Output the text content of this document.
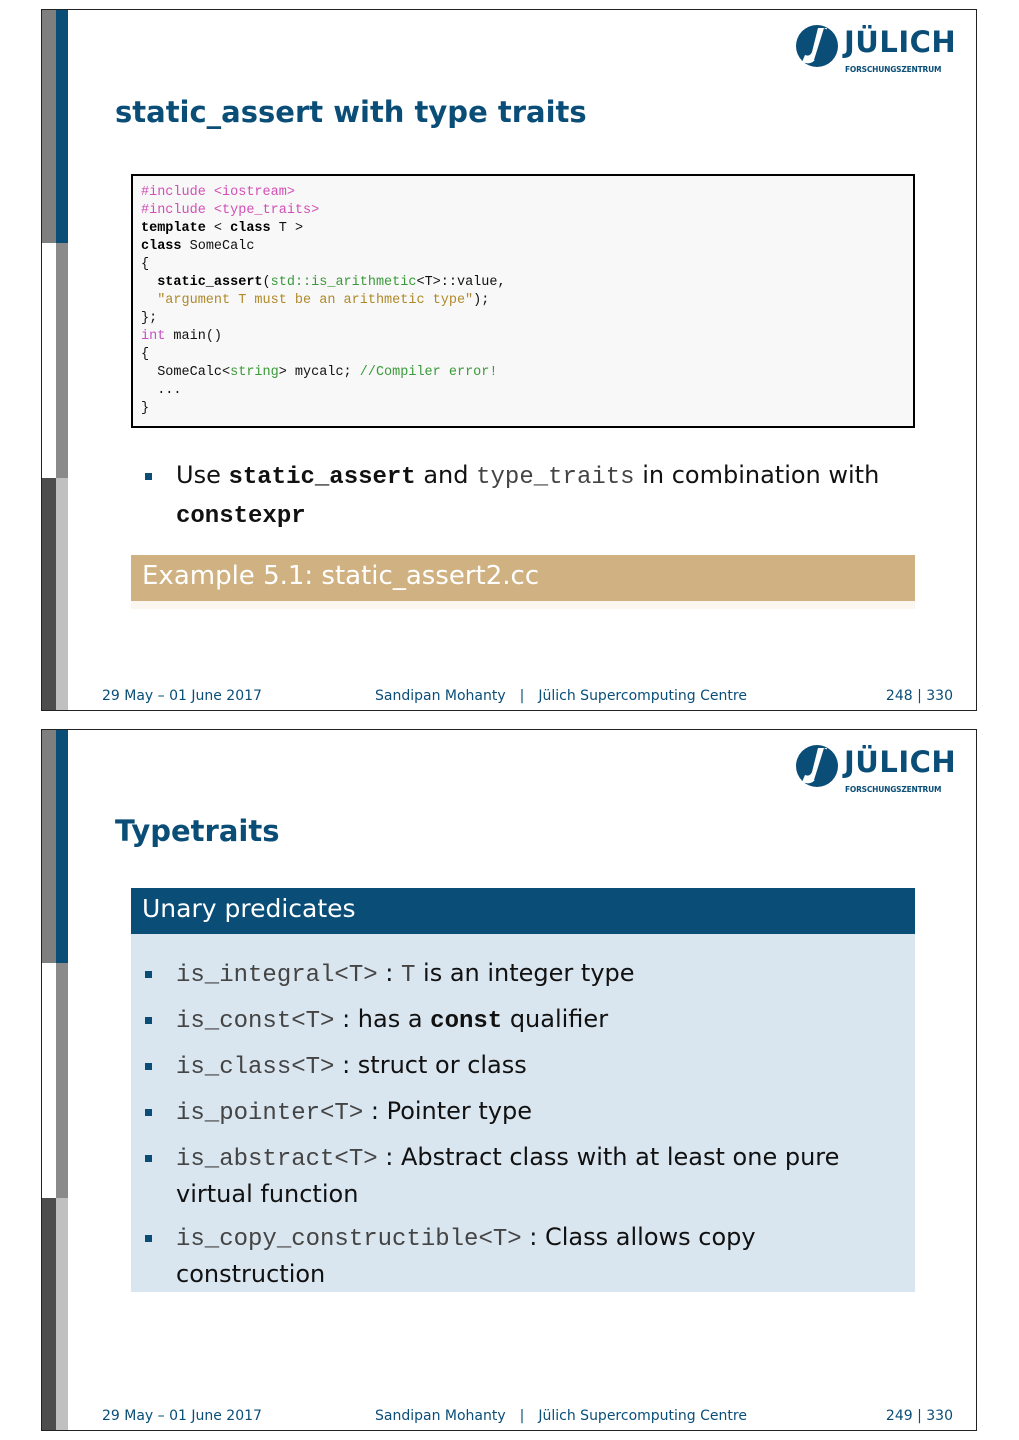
JÜLICH
FORSCHUNGSZENTRUM
static_assert with type traits
#include <iostream>
#include <type_traits>
template < class T >
class SomeCalc
{
static_assert(std::is_arithmetic<T>::value,
"argument T must be an arithmetic type");
};
int main()
{
SomeCalc<string> mycalc; //Compiler error!
...
}
Use static_assert and type_traits in combination with constexpr
Example 5.1: static_assert2.cc
29 May – 01 June 2017	Sandipan Mohanty | Jülich Supercomputing Centre	248 | 330
JÜLICH
FORSCHUNGSZENTRUM
Typetraits
Unary predicates
is_integral<T> : T is an integer type
is_const<T> : has a const qualifier
is_class<T> : struct or class
is_pointer<T> : Pointer type
is_abstract<T> : Abstract class with at least one pure virtual function
is_copy_constructible<T> : Class allows copy construction
29 May – 01 June 2017	Sandipan Mohanty | Jülich Supercomputing Centre	249 | 330
